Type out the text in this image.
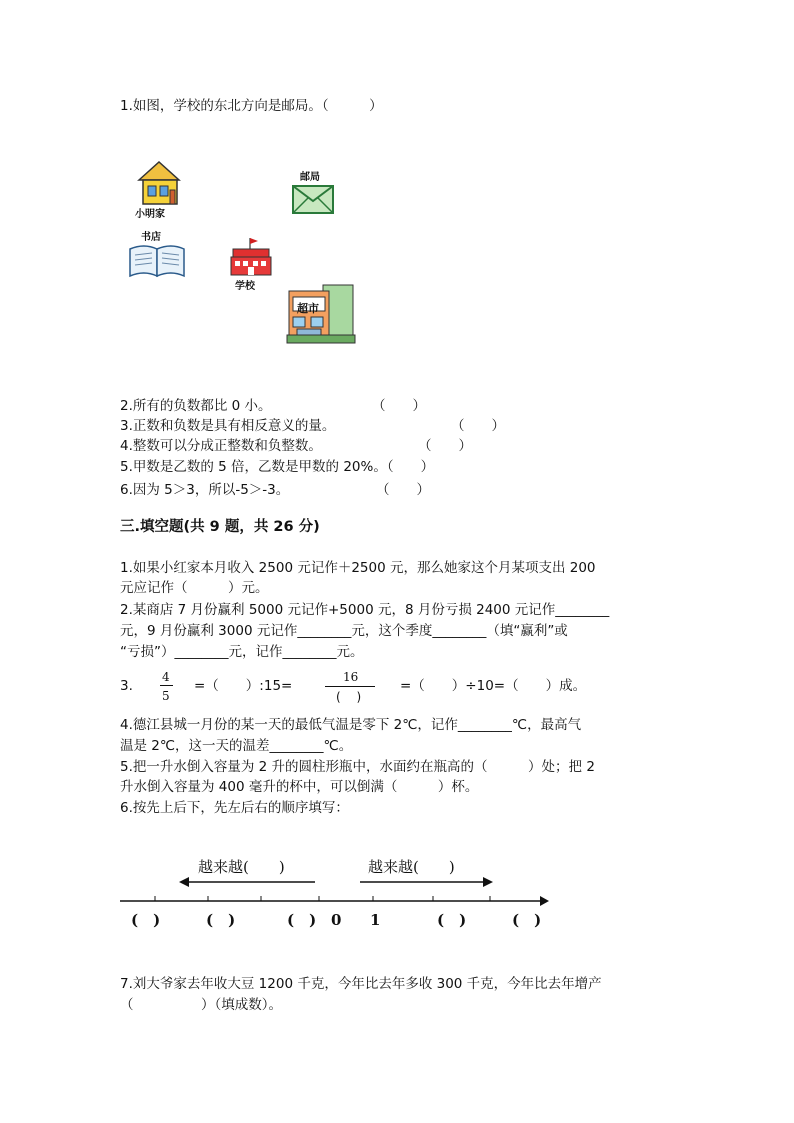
1.如图，学校的东北方向是邮局。（　　　）

小明家
邮局
书店
学校
超市

2.所有的负数都比 0 小。	（　　）

3.正数和负数是具有相反意义的量。	（　　）

4.整数可以分成正整数和负整数。	（　　）

5.甲数是乙数的 5 倍，乙数是甲数的 20%。（　　）

6.因为 5＞3，所以-5＞-3。	（　　）

三.填空题(共 9 题，共 26 分)

1.如果小红家本月收入 2500 元记作＋2500 元，那么她家这个月某项支出 200

元应记作（　　　）元。

2.某商店 7 月份赢利 5000 元记作+5000 元，8 月份亏损 2400 元记作________

元，9 月份赢利 3000 元记作________元，这个季度________（填“赢利”或

“亏损”）________元，记作________元。

3.

4
5

=（　　）:15=

16
(　 )

=（　　）÷10=（　　）成。

4.德江县城一月份的某一天的最低气温是零下 2℃，记作________℃，最高气

温是 2℃，这一天的温差________℃。

5.把一升水倒入容量为 2 升的圆柱形瓶中，水面约在瓶高的（　　　）处；把 2

升水倒入容量为 400 毫升的杯中，可以倒满（　　　）杯。

6.按先上后下，先左后右的顺序填写：

越来越(　　)	越来越(　　)
(　)	(　)	(　) 0 1	(　)	(　)

7.刘大爷家去年收大豆 1200 千克，今年比去年多收 300 千克，今年比去年增产

（　　　　　）（填成数）。
